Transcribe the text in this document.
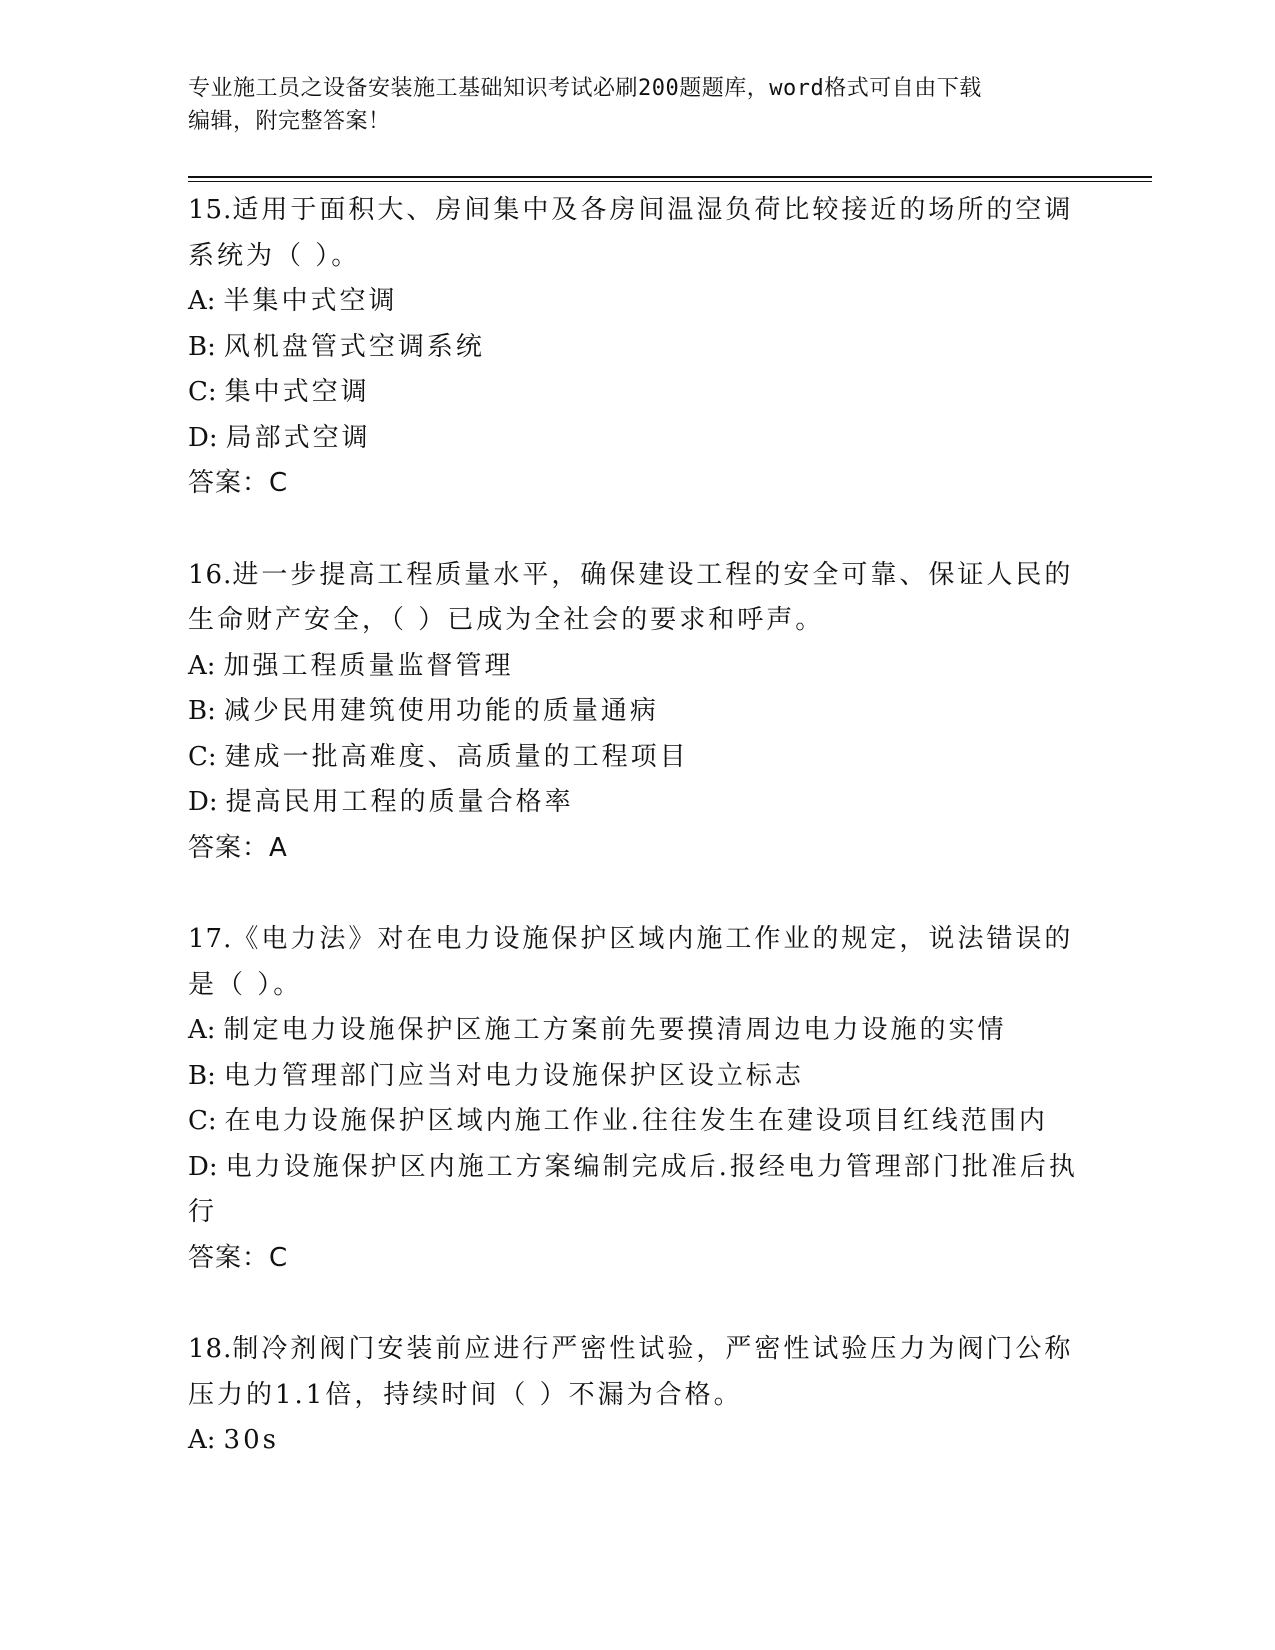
专业施工员之设备安装施工基础知识考试必刷200题题库，word格式可自由下载
编辑，附完整答案！
15.适用于面积大、房间集中及各房间温湿负荷比较接近的场所的空调系统为（ ）。
A: 半集中式空调
B: 风机盘管式空调系统
C: 集中式空调
D: 局部式空调
答案：C
16.进一步提高工程质量水平，确保建设工程的安全可靠、保证人民的生命财产安全，（ ）已成为全社会的要求和呼声。
A: 加强工程质量监督管理
B: 减少民用建筑使用功能的质量通病
C: 建成一批高难度、高质量的工程项目
D: 提高民用工程的质量合格率
答案：A
17.《电力法》对在电力设施保护区域内施工作业的规定，说法错误的是（ ）。
A: 制定电力设施保护区施工方案前先要摸清周边电力设施的实情
B: 电力管理部门应当对电力设施保护区设立标志
C: 在电力设施保护区域内施工作业.往往发生在建设项目红线范围内
D: 电力设施保护区内施工方案编制完成后.报经电力管理部门批准后执行
答案：C
18.制冷剂阀门安装前应进行严密性试验，严密性试验压力为阀门公称压力的1.1倍，持续时间（ ）不漏为合格。
A: 30s
